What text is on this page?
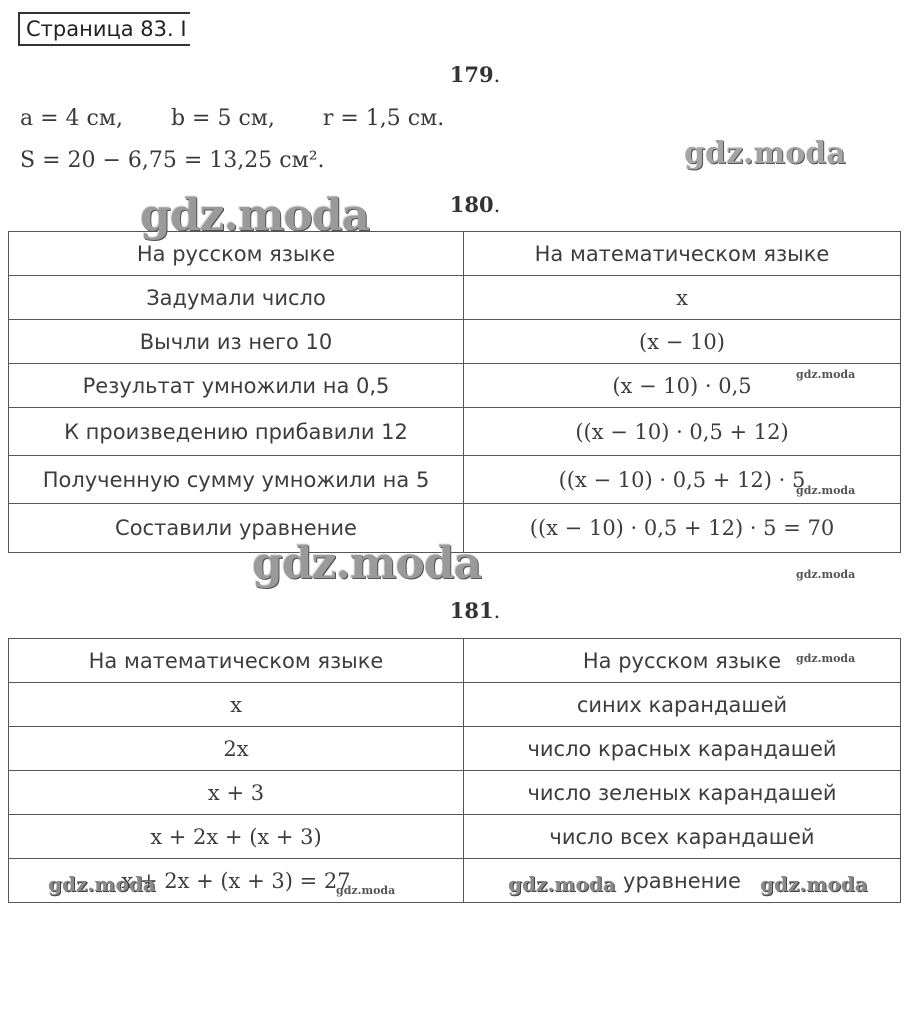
Страница 83. I
179.
a = 4 см, b = 5 см, r = 1,5 см.
S = 20 − 6,75 = 13,25 см².
180.
На русском языке	На математическом языке
Задумали число	x
Вычли из него 10	(x − 10)
Результат умножили на 0,5	(x − 10) · 0,5
К произведению прибавили 12	((x − 10) · 0,5 + 12)
Полученную сумму умножили на 5	((x − 10) · 0,5 + 12) · 5
Составили уравнение	((x − 10) · 0,5 + 12) · 5 = 70
181.
На математическом языке	На русском языке
x	синих карандашей
2x	число красных карандашей
x + 3	число зеленых карандашей
x + 2x + (x + 3)	число всех карандашей
x + 2x + (x + 3) = 27	уравнение
gdz.moda
gdz.moda
gdz.moda
gdz.moda
gdz.moda
gdz.moda
gdz.moda
gdz.moda
gdz.moda	gdz.moda	gdz.moda
